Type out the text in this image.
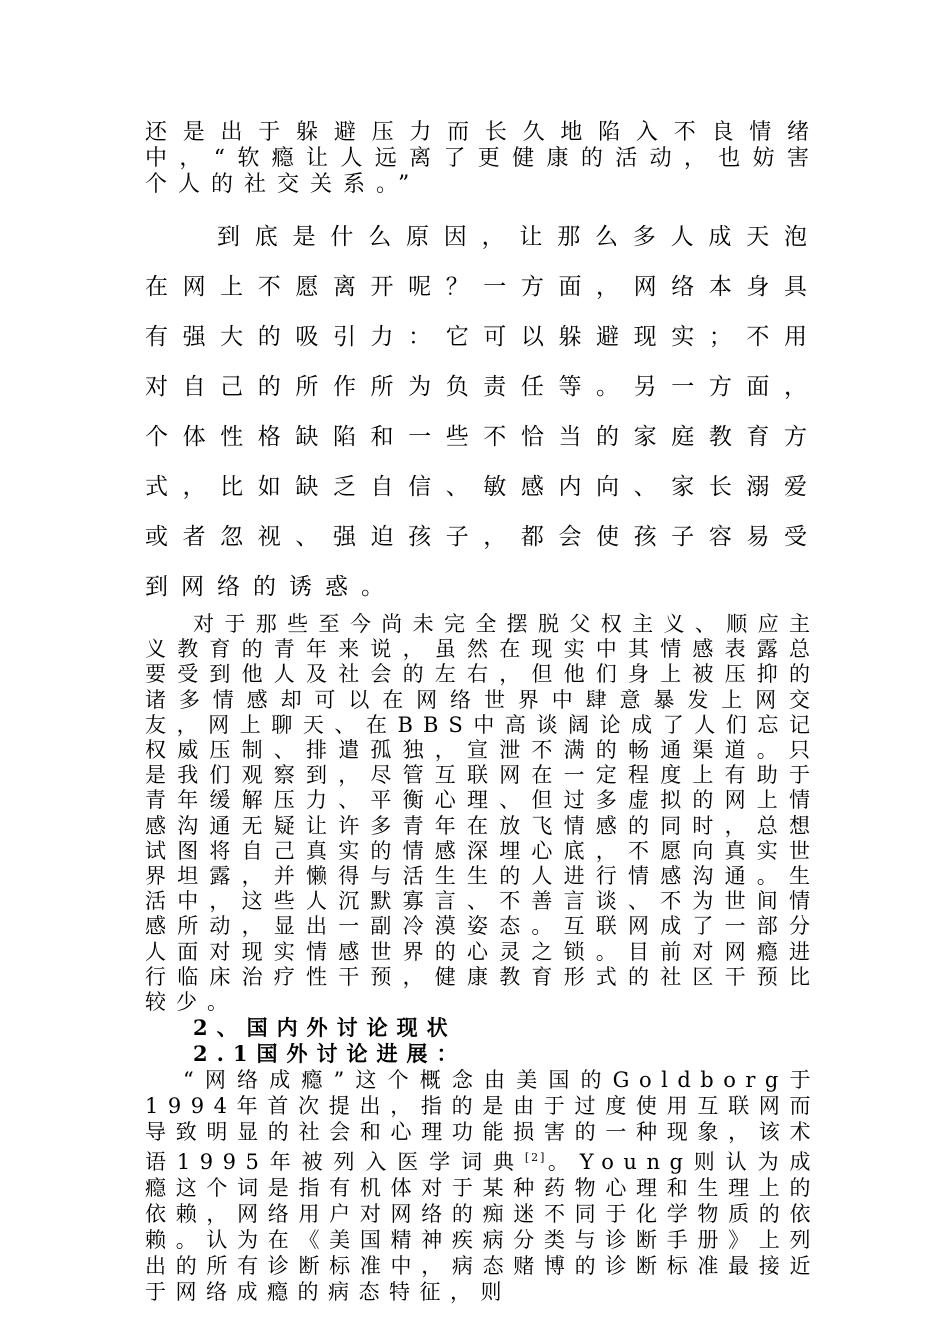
还是出于躲避压力而长久地陷入不良情绪中，“软瘾让人远离了更健康的活动，也妨害个人的社交关系。”

到底是什么原因，让那么多人成天泡在网上不愿离开呢？一方面，网络本身具有强大的吸引力：它可以躲避现实；不用对自己的所作所为负责任等。另一方面，个体性格缺陷和一些不恰当的家庭教育方式，比如缺乏自信、敏感内向、家长溺爱或者忽视、强迫孩子，都会使孩子容易受到网络的诱惑。

对于那些至今尚未完全摆脱父权主义、顺应主义教育的青年来说，虽然在现实中其情感表露总要受到他人及社会的左右，但他们身上被压抑的诸多情感却可以在网络世界中肆意暴发上网交友，网上聊天、在BBS中高谈阔论成了人们忘记权威压制、排遣孤独，宣泄不满的畅通渠道。只是我们观察到，尽管互联网在一定程度上有助于青年缓解压力、平衡心理、但过多虚拟的网上情感沟通无疑让许多青年在放飞情感的同时，总想试图将自己真实的情感深埋心底，不愿向真实世界坦露，并懒得与活生生的人进行情感沟通。生活中，这些人沉默寡言、不善言谈、不为世间情感所动，显出一副冷漠姿态。互联网成了一部分人面对现实情感世界的心灵之锁。目前对网瘾进行临床治疗性干预，健康教育形式的社区干预比较少。

2、国内外讨论现状
2.1国外讨论进展：

“网络成瘾”这个概念由美国的Goldborg于1994年首次提出，指的是由于过度使用互联网而导致明显的社会和心理功能损害的一种现象，该术语1995年被列入医学词典[2]。Young则认为成瘾这个词是指有机体对于某种药物心理和生理上的依赖，网络用户对网络的痴迷不同于化学物质的依赖。认为在《美国精神疾病分类与诊断手册》上列出的所有诊断标准中，病态赌博的诊断标准最接近于网络成瘾的病态特征，则
